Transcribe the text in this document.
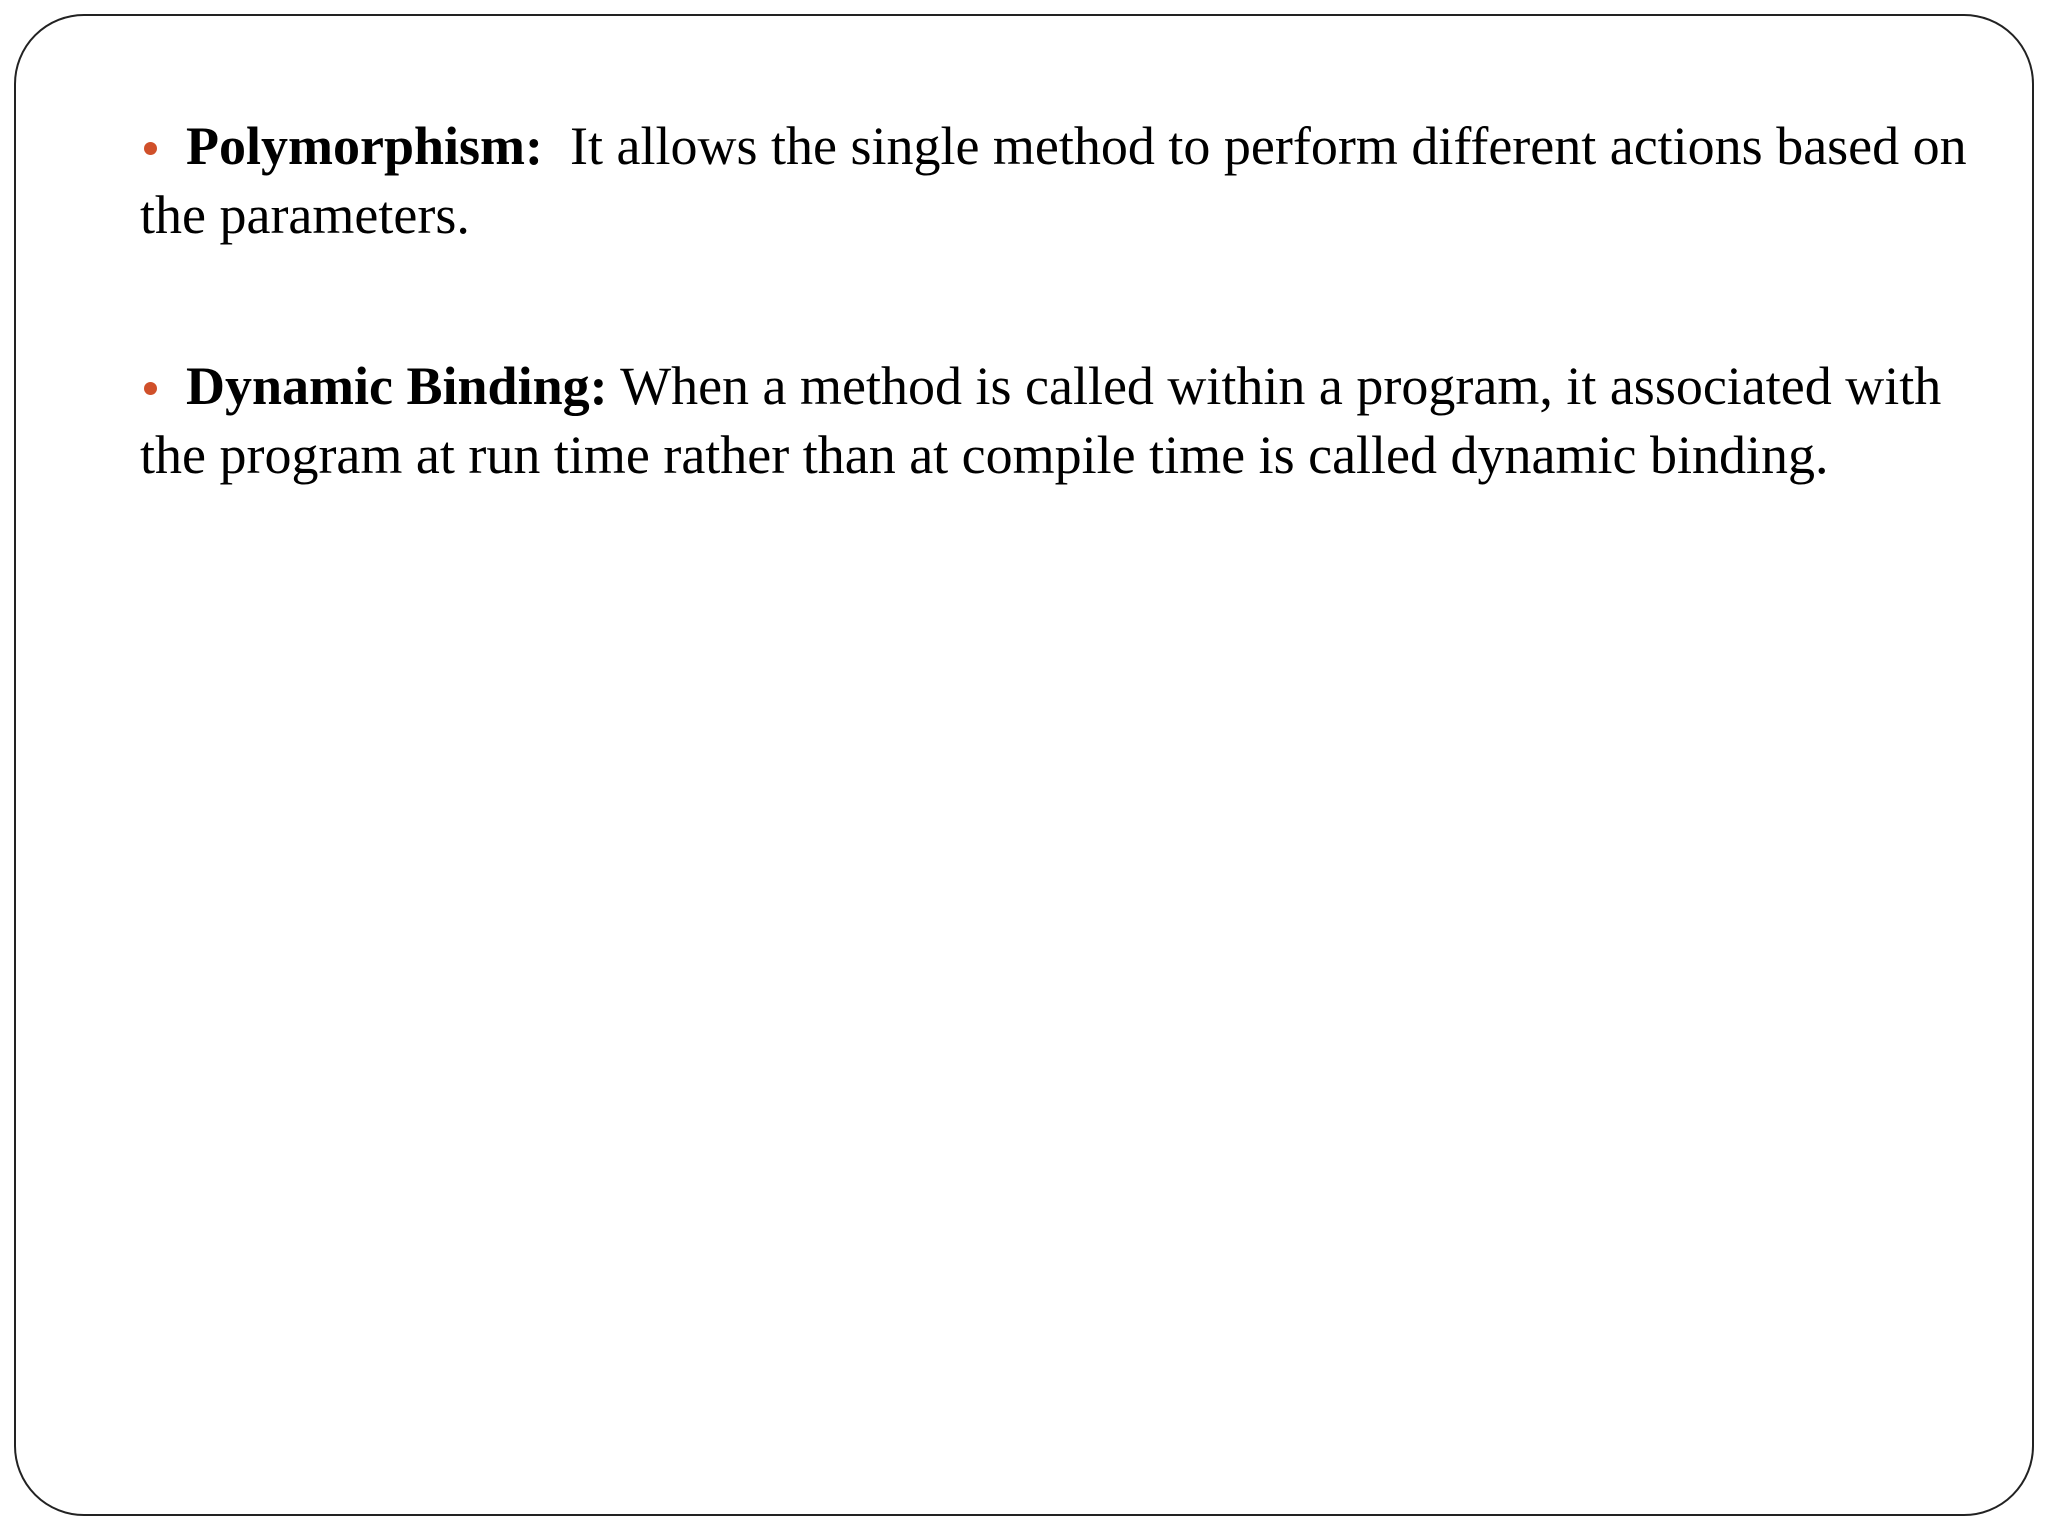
Polymorphism:  It allows the single method to perform different actions based on the parameters.

Dynamic Binding: When a method is called within a program, it associated with the program at run time rather than at compile time is called dynamic binding.
